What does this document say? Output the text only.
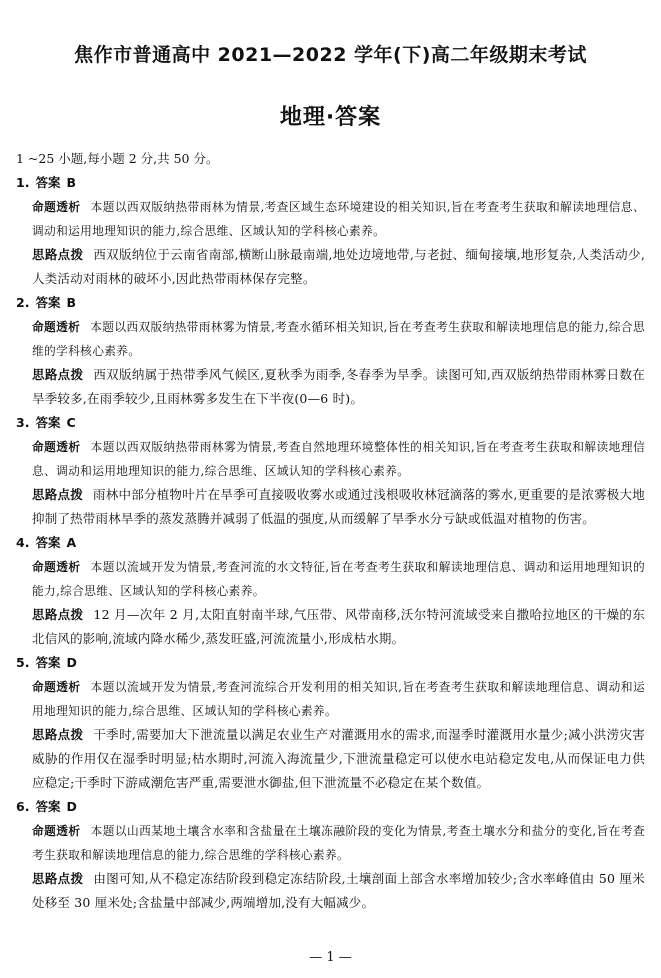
焦作市普通高中 2021—2022 学年(下)高二年级期末考试
地理·答案

1 ~25 小题,每小题 2 分,共 50 分。

1. 答案 B

命题透析 本题以西双版纳热带雨林为情景,考查区域生态环境建设的相关知识,旨在考查考生获取和解读地理信息、调动和运用地理知识的能力,综合思维、区域认知的学科核心素养。

思路点拨 西双版纳位于云南省南部,横断山脉最南端,地处边境地带,与老挝、缅甸接壤,地形复杂,人类活动少,人类活动对雨林的破坏小,因此热带雨林保存完整。

2. 答案 B

命题透析 本题以西双版纳热带雨林雾为情景,考查水循环相关知识,旨在考查考生获取和解读地理信息的能力,综合思维的学科核心素养。

思路点拨 西双版纳属于热带季风气候区,夏秋季为雨季,冬春季为旱季。读图可知,西双版纳热带雨林雾日数在旱季较多,在雨季较少,且雨林雾多发生在下半夜(0—6 时)。

3. 答案 C

命题透析 本题以西双版纳热带雨林雾为情景,考查自然地理环境整体性的相关知识,旨在考查考生获取和解读地理信息、调动和运用地理知识的能力,综合思维、区域认知的学科核心素养。

思路点拨 雨林中部分植物叶片在旱季可直接吸收雾水或通过浅根吸收林冠滴落的雾水,更重要的是浓雾极大地抑制了热带雨林旱季的蒸发蒸腾并减弱了低温的强度,从而缓解了旱季水分亏缺或低温对植物的伤害。

4. 答案 A

命题透析 本题以流域开发为情景,考查河流的水文特征,旨在考查考生获取和解读地理信息、调动和运用地理知识的能力,综合思维、区域认知的学科核心素养。

思路点拨 12 月—次年 2 月,太阳直射南半球,气压带、风带南移,沃尔特河流域受来自撒哈拉地区的干燥的东北信风的影响,流域内降水稀少,蒸发旺盛,河流流量小,形成枯水期。

5. 答案 D

命题透析 本题以流域开发为情景,考查河流综合开发利用的相关知识,旨在考查考生获取和解读地理信息、调动和运用地理知识的能力,综合思维、区域认知的学科核心素养。

思路点拨 干季时,需要加大下泄流量以满足农业生产对灌溉用水的需求,而湿季时灌溉用水量少;减小洪涝灾害威胁的作用仅在湿季时明显;枯水期时,河流入海流量少,下泄流量稳定可以使水电站稳定发电,从而保证电力供应稳定;干季时下游咸潮危害严重,需要泄水御盐,但下泄流量不必稳定在某个数值。

6. 答案 D

命题透析 本题以山西某地土壤含水率和含盐量在土壤冻融阶段的变化为情景,考查土壤水分和盐分的变化,旨在考查考生获取和解读地理信息的能力,综合思维的学科核心素养。

思路点拨 由图可知,从不稳定冻结阶段到稳定冻结阶段,土壤剖面上部含水率增加较少;含水率峰值由 50 厘米处移至 30 厘米处;含盐量中部减少,两端增加,没有大幅减少。

— 1 —
